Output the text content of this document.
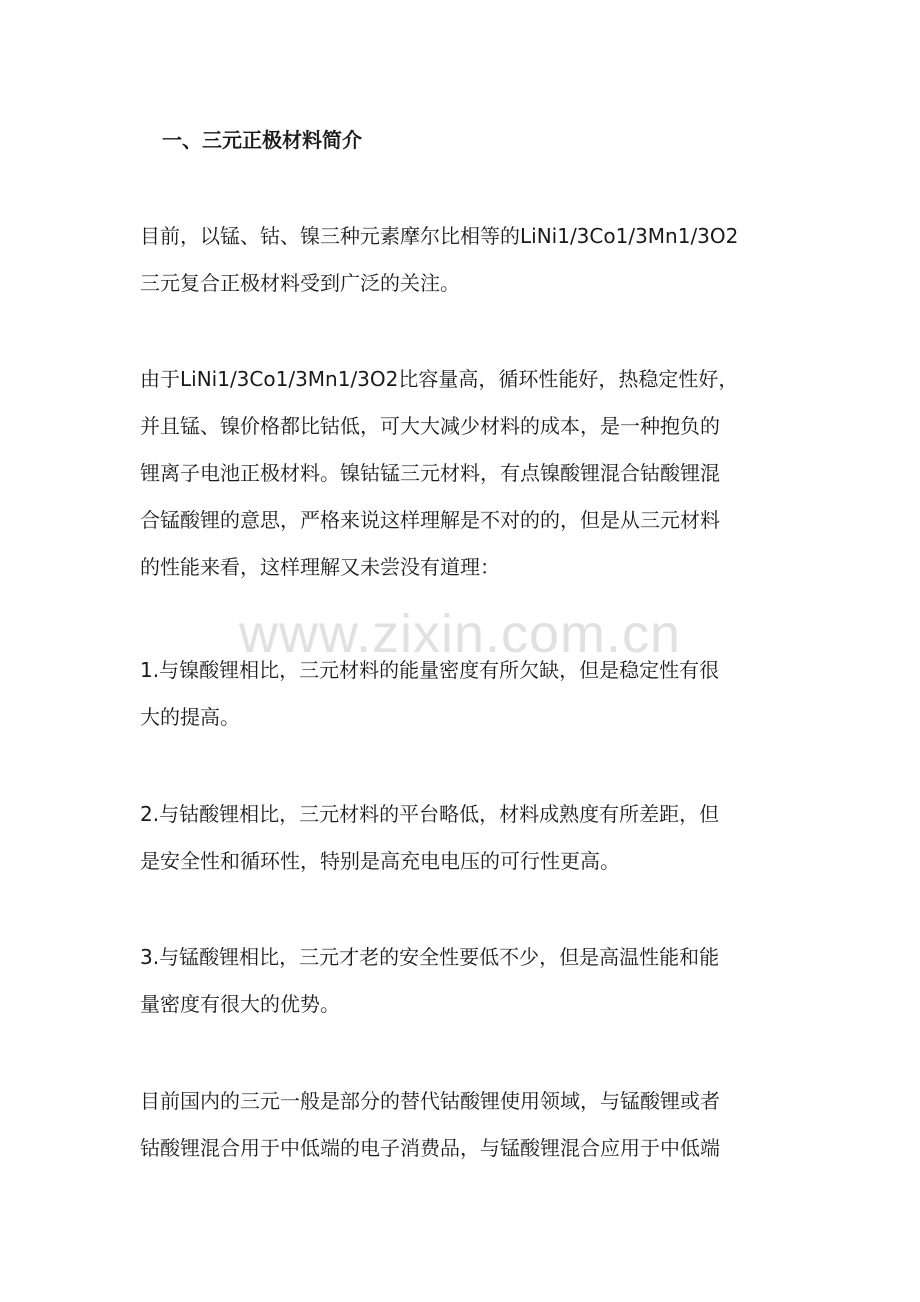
一、三元正极材料简介
目前，以锰、钴、镍三种元素摩尔比相等的LiNi1/3Co1/3Mn1/3O2
三元复合正极材料受到广泛的关注。
由于LiNi1/3Co1/3Mn1/3O2比容量高，循环性能好，热稳定性好，
并且锰、镍价格都比钴低，可大大减少材料的成本，是一种抱负的
锂离子电池正极材料。镍钴锰三元材料，有点镍酸锂混合钴酸锂混
合锰酸锂的意思，严格来说这样理解是不对的的，但是从三元材料
的性能来看，这样理解又未尝没有道理：
www.zixin.com.cn
1.与镍酸锂相比，三元材料的能量密度有所欠缺，但是稳定性有很
大的提高。
2.与钴酸锂相比，三元材料的平台略低，材料成熟度有所差距，但
是安全性和循环性，特别是高充电电压的可行性更高。
3.与锰酸锂相比，三元才老的安全性要低不少，但是高温性能和能
量密度有很大的优势。
目前国内的三元一般是部分的替代钴酸锂使用领域，与锰酸锂或者
钴酸锂混合用于中低端的电子消费品，与锰酸锂混合应用于中低端
